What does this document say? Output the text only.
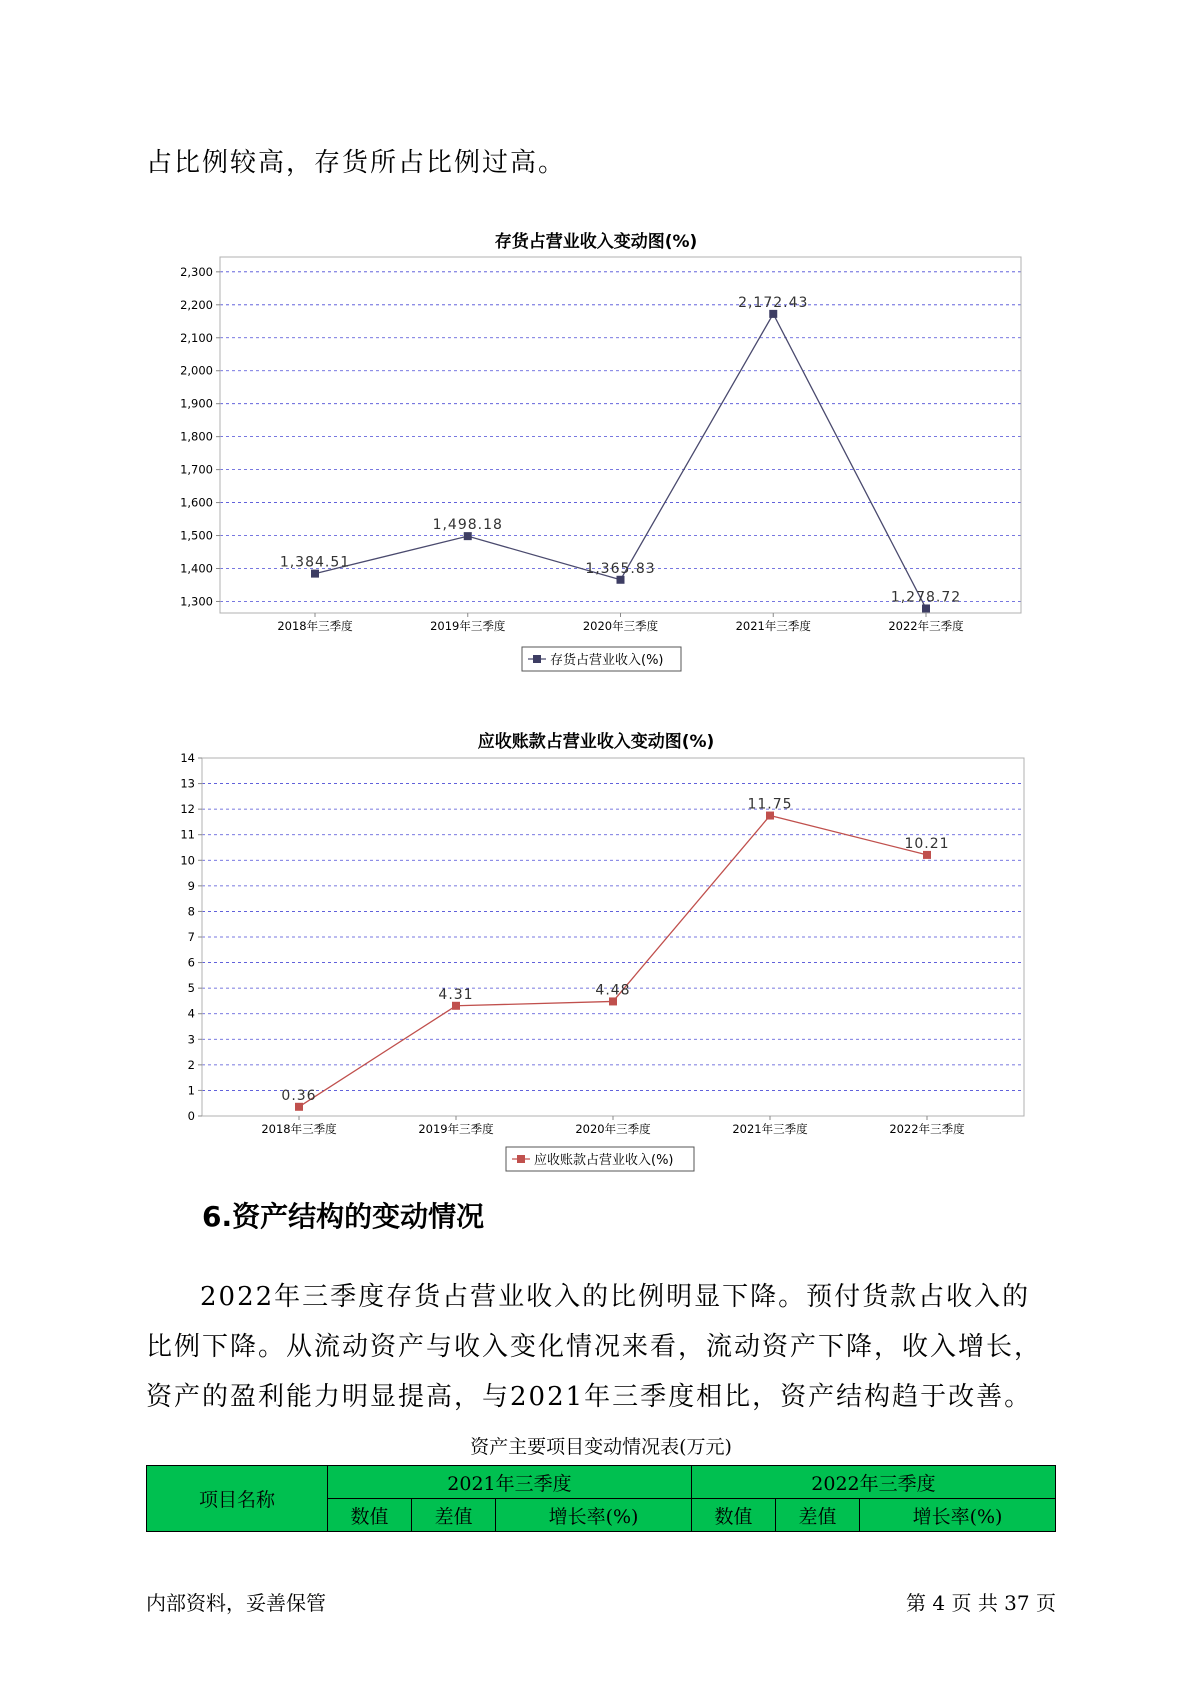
占比例较高，存货所占比例过高。

存货占营业收入变动图(%)
1,300
1,400
1,500
1,600
1,700
1,800
1,900
2,000
2,100
2,200
2,300
2018年三季度	2019年三季度	2020年三季度	2021年三季度	2022年三季度
1,384.51
1,498.18
1,365.83
2,172.43
1,278.72
存货占营业收入(%)
应收账款占营业收入变动图(%)
0
1
2
3
4
5
6
7
8
9
10
11
12
13
14
2018年三季度	2019年三季度	2020年三季度	2021年三季度	2022年三季度
0.36
4.31	4.48
11.75
10.21
应收账款占营业收入(%)
6.资产结构的变动情况

2022年三季度存货占营业收入的比例明显下降。预付货款占收入的比例下降。从流动资产与收入变化情况来看，流动资产下降，收入增长，资产的盈利能力明显提高，与2021年三季度相比，资产结构趋于改善。

资产主要项目变动情况表(万元)

项目名称	2021年三季度			2022年三季度		
	数值	差值	增长率(%)	数值	差值	增长率(%)
内部资料，妥善保管	第 4 页 共 37 页
